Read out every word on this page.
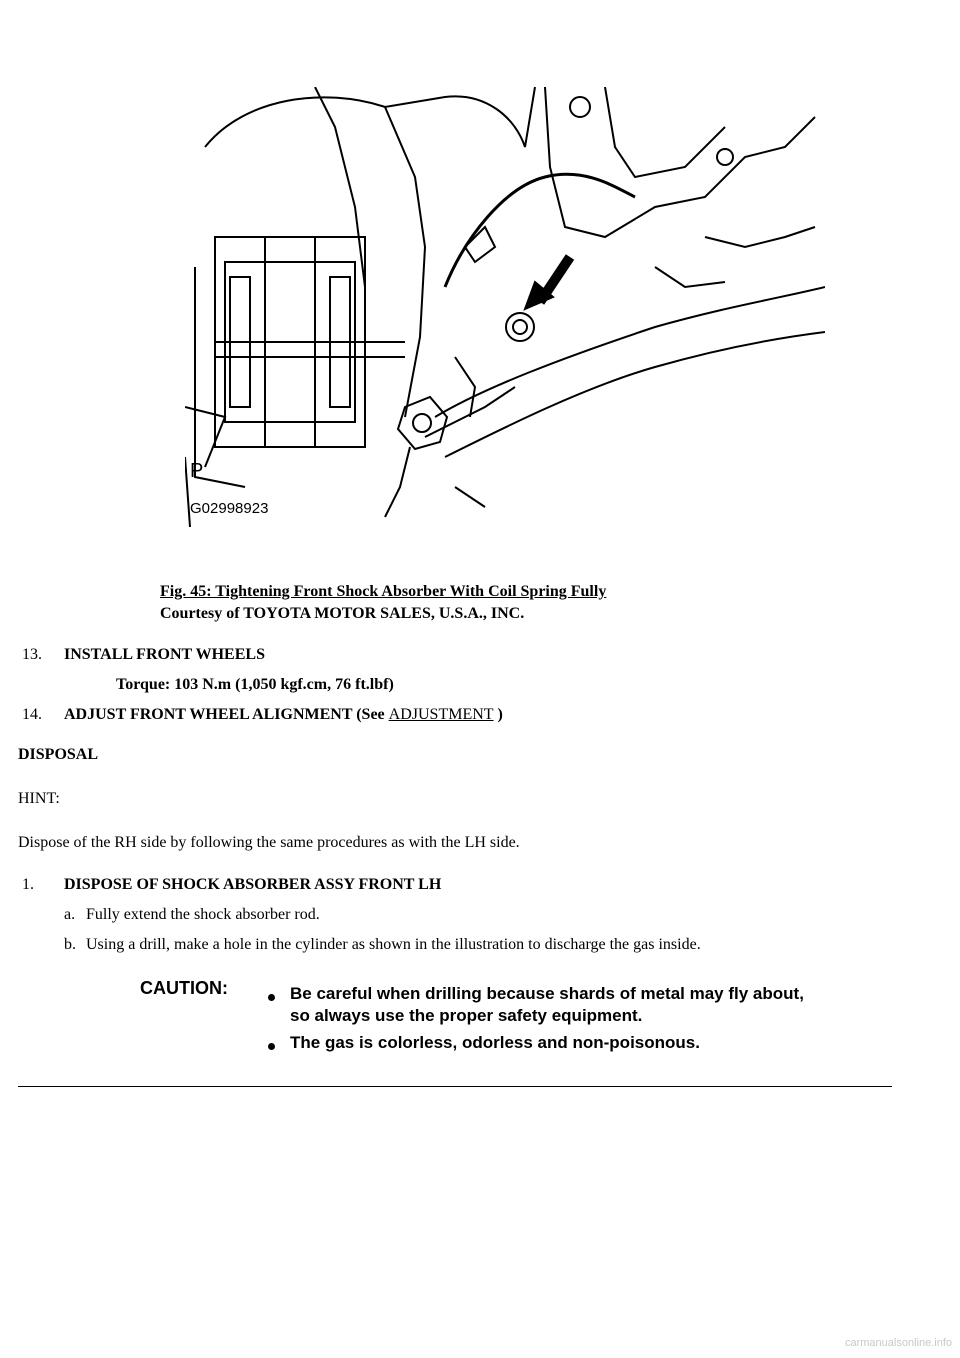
P
G02998923
Fig. 45: Tightening Front Shock Absorber With Coil Spring Fully
Courtesy of TOYOTA MOTOR SALES, U.S.A., INC.
13. INSTALL FRONT WHEELS
Torque: 103 N.m (1,050 kgf.cm, 76 ft.lbf)
14. ADJUST FRONT WHEEL ALIGNMENT (See ADJUSTMENT )
DISPOSAL
HINT:
Dispose of the RH side by following the same procedures as with the LH side.
1. DISPOSE OF SHOCK ABSORBER ASSY FRONT LH
a. Fully extend the shock absorber rod.
b. Using a drill, make a hole in the cylinder as shown in the illustration to discharge the gas inside.
CAUTION:	Be careful when drilling because shards of metal may fly about,
so always use the proper safety equipment.
The gas is colorless, odorless and non-poisonous.
carmanualsonline.info
